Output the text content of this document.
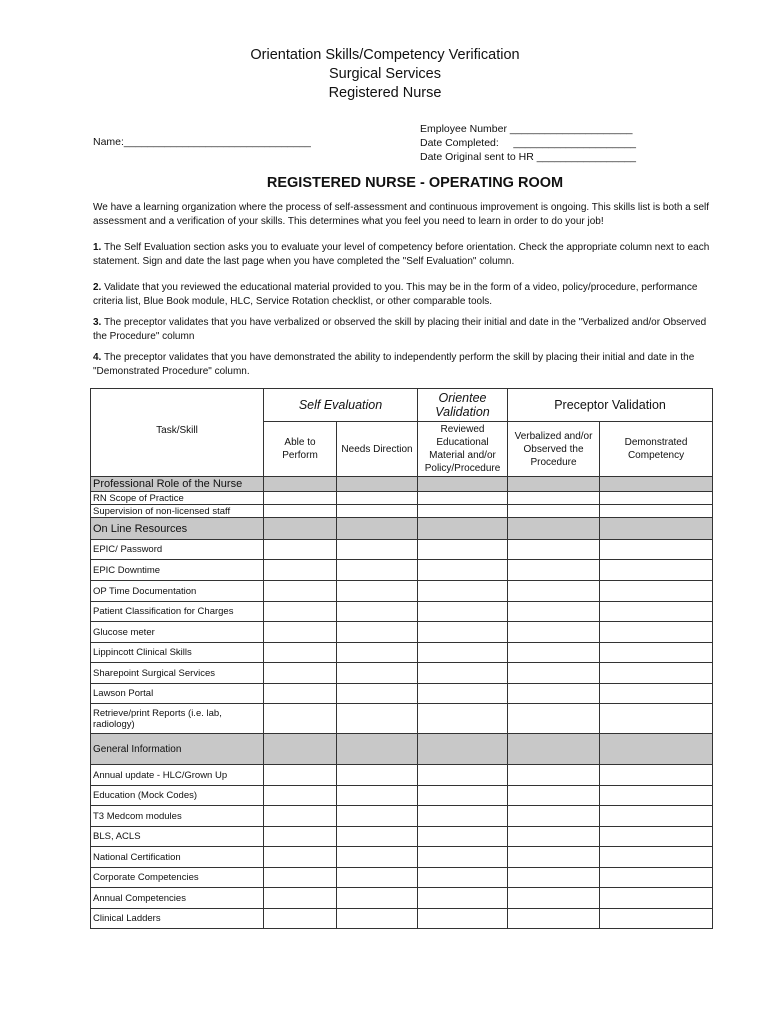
Orientation Skills/Competency Verification
Surgical Services
Registered Nurse
Name:________________________________
Employee Number _____________________
Date Completed:     _____________________
Date Original sent to HR _________________
REGISTERED NURSE - OPERATING ROOM
We have a learning organization where the process of self-assessment and continuous improvement is ongoing. This skills list is both a self assessment and a verification of your skills. This determines what you feel you need to learn in order to do your job!
1. The Self Evaluation section asks you to evaluate your level of competency before orientation. Check the appropriate column next to each statement. Sign and date the last page when you have completed the "Self Evaluation" column.
2. Validate that you reviewed the educational material provided to you. This may be in the form of a video, policy/procedure, performance criteria list, Blue Book module, HLC, Service Rotation checklist, or other comparable tools.
3. The preceptor validates that you have verbalized or observed the skill by placing their initial and date in the "Verbalized and/or Observed the Procedure" column
4. The preceptor validates that you have demonstrated the ability to independently perform the skill by placing their initial and date in the "Demonstrated Procedure" column.
Task/Skill	Self Evaluation		Orientee Validation	Preceptor Validation	
	Able to Perform	Needs Direction	Reviewed Educational Material and/or Policy/Procedure	Verbalized and/or Observed the Procedure	Demonstrated Competency
Professional Role of the Nurse					
RN Scope of Practice					
Supervision of non-licensed staff					
On Line Resources					
EPIC/ Password					
EPIC Downtime					
OP Time Documentation					
Patient Classification for Charges					
Glucose meter					
Lippincott Clinical Skills					
Sharepoint Surgical Services					
Lawson Portal					
Retrieve/print Reports (i.e. lab, radiology)					
General Information					
Annual update - HLC/Grown Up					
Education (Mock Codes)					
T3 Medcom modules					
BLS, ACLS					
National Certification					
Corporate Competencies					
Annual Competencies					
Clinical Ladders					
